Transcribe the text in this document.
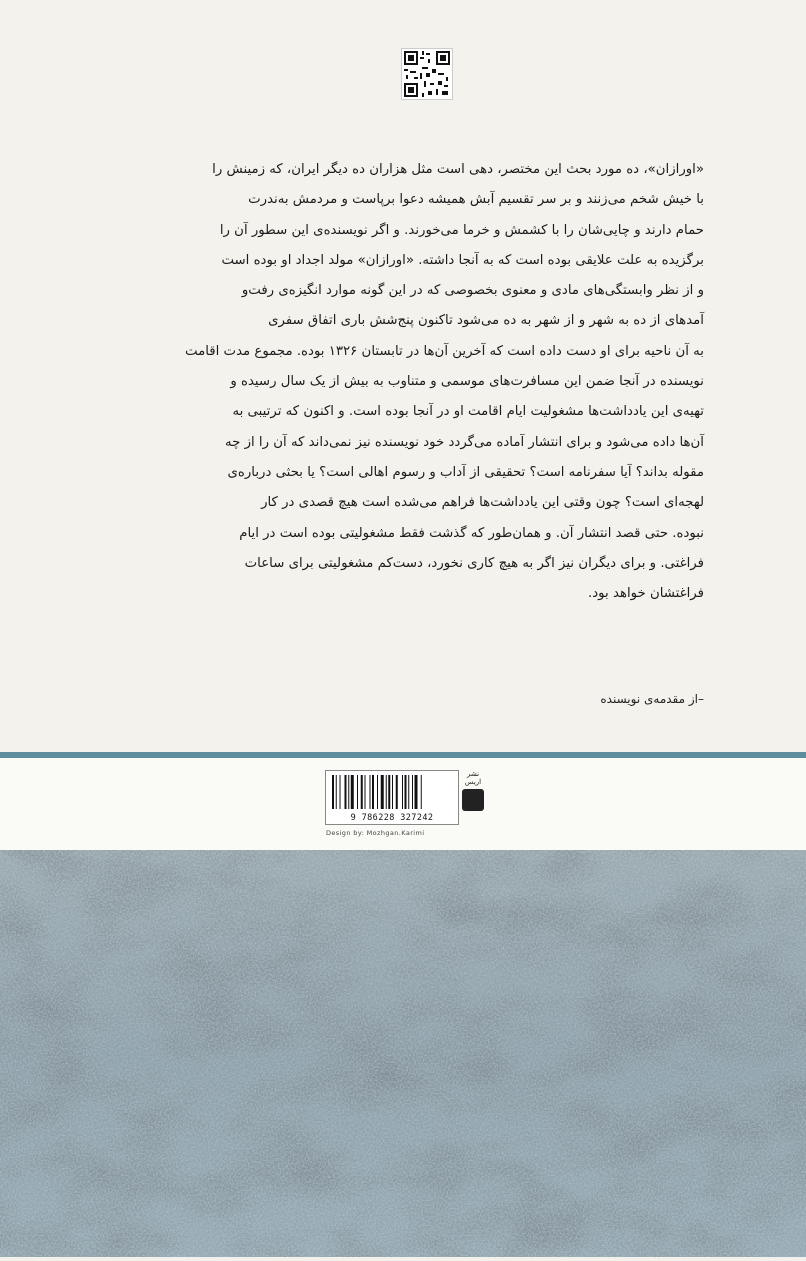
«اورازان»، ده مورد بحث این مختصر، دهی است مثل هزاران ده دیگر ایران، که زمینش را

با خیش شخم می‌زنند و بر سر تقسیم آبش همیشه دعوا برپاست و مردمش به‌ندرت

حمام دارند و چایی‌شان را با کشمش و خرما می‌خورند. و اگر نویسنده‌ی این سطور آن را

برگزیده به علت علایقی بوده است که به آنجا داشته. «اورازان» مولد اجداد او بوده است

و از نظر وابستگی‌های مادی و معنوی بخصوصی که در این گونه موارد انگیزه‌ی رفت‌و

آمدهای از ده به شهر و از شهر به ده می‌شود تاکنون پنج‌شش باری اتفاق سفری

به آن ناحیه برای او دست داده است که آخرین آن‌ها در تابستان ۱۳۲۶ بوده. مجموع مدت اقامت

نویسنده در آنجا ضمن این مسافرت‌های موسمی و متناوب به بیش از یک سال رسیده و

تهیه‌ی این یادداشت‌ها مشغولیت ایام اقامت او در آنجا بوده است. و اکنون که ترتیبی به

آن‌ها داده می‌شود و برای انتشار آماده می‌گردد خود نویسنده نیز نمی‌داند که آن را از چه

مقوله بداند؟ آیا سفرنامه است؟ تحقیقی از آداب و رسوم اهالی است؟ یا بحثی درباره‌ی

لهجه‌ای است؟ چون وقتی این یادداشت‌ها فراهم می‌شده است هیچ قصدی در کار

نبوده. حتی قصد انتشار آن. و همان‌طور که گذشت فقط مشغولیتی بوده است در ایام

فراغتی. و برای دیگران نیز اگر به هیچ کاری نخورد، دست‌کم مشغولیتی برای ساعات

فراغتشان خواهد بود.

–از مقدمه‌ی نویسنده
9 786228 327242
نشر اریس
Design by: Mozhgan.Karimi
